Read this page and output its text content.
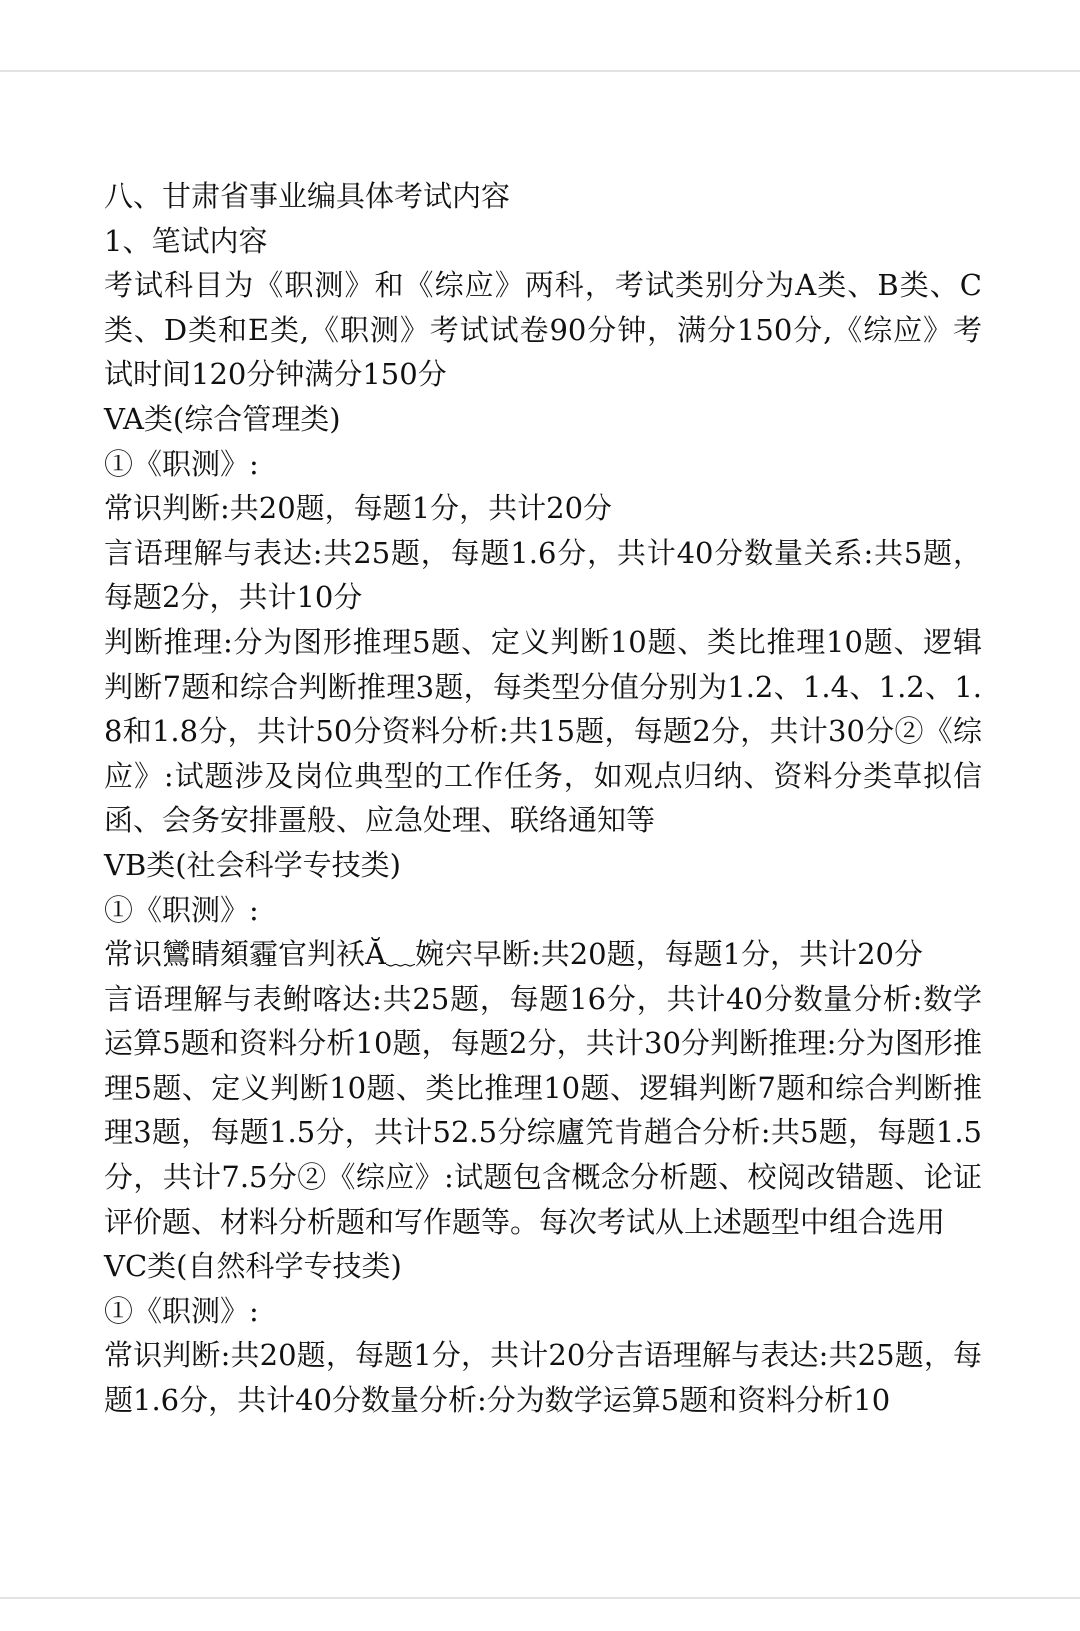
八、甘肃省事业编具体考试内容

1、笔试内容

考试科目为《职测》和《综应》两科，考试类别分为A类、B类、C类、D类和E类,《职测》考试试卷90分钟，满分150分,《综应》考试时间120分钟满分150分

VA类(综合管理类)

①《职测》:

常识判断:共20题，每题1分，共计20分

言语理解与表达:共25题，每题1.6分，共计40分数量关系:共5题，每题2分，共计10分

判断推理:分为图形推理5题、定义判断10题、类比推理10题、逻辑判断7题和综合判断推理3题，每类型分值分别为1.2、1.4、1.2、1.8和1.8分，共计50分资料分析:共15题，每题2分，共计30分②《综应》:试题涉及岗位典型的工作任务，如观点归纳、资料分类草拟信函、会务安排畺般、应急处理、联络通知等

VB类(社会科学专技类)

①《职测》:

常识鸞睛頦霾官判袄Ă﹏婉宍早断:共20题，每题1分，共计20分

言语理解与表鲋喀达:共25题，每题16分，共计40分数量分析:数学运算5题和资料分析10题，每题2分，共计30分判断推理:分为图形推理5题、定义判断10题、类比推理10题、逻辑判断7题和综合判断推理3题，每题1.5分，共计52.5分综廬笐肯趙合分析:共5题，每题1.5分，共计7.5分②《综应》:试题包含概念分析题、校阅改错题、论证评价题、材料分析题和写作题等。每次考试从上述题型中组合选用

VC类(自然科学专技类)

①《职测》:

常识判断:共20题，每题1分，共计20分吉语理解与表达:共25题，每题1.6分，共计40分数量分析:分为数学运算5题和资料分析10
